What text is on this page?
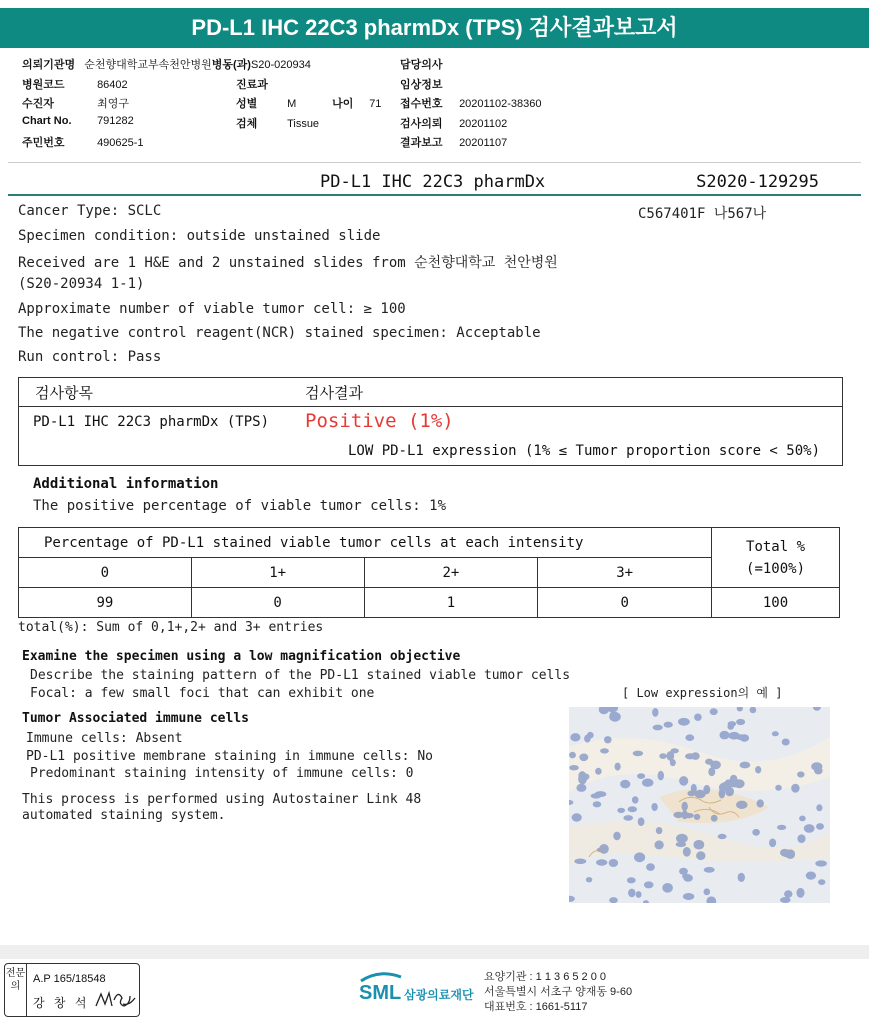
PD-L1 IHC 22C3 pharmDx (TPS) 검사결과보고서
의뢰기관명 순천향대학교부속천안병원병동(과)S20-020934
병원코드	86402
수진자	최영구
Chart No. 791282
주민번호	490625-1
진료과
성별	M	나이 71
검체	Tissue
담당의사
임상정보
접수번호 20201102-38360
검사의뢰 20201102
결과보고 20201107
PD-L1 IHC 22C3 pharmDx	S2020-129295
Cancer Type: SCLC	C567401F 나567나
Specimen condition: outside unstained slide
Received are 1 H&E and 2 unstained slides from 순천향대학교 천안병원
(S20-20934 1-1)
Approximate number of viable tumor cell: ≥ 100
The negative control reagent(NCR) stained specimen: Acceptable
Run control: Pass
검사항목	검사결과
PD-L1 IHC 22C3 pharmDx (TPS) Positive (1%)
LOW PD-L1 expression (1% ≤ Tumor proportion score < 50%)
Additional information
The positive percentage of viable tumor cells: 1%
Percentage of PD-L1 stained viable tumor cells at each intensity				Total %
(=100%)

0	1+	2+	3+	
99	0	1	0	100
total(%): Sum of 0,1+,2+ and 3+ entries
Examine the specimen using a low magnification objective
Describe the staining pattern of the PD-L1 stained viable tumor cells
Focal: a few small foci that can exhibit one	[ Low expression의 예 ]
Tumor Associated immune cells
Immune cells: Absent
PD-L1 positive membrane staining in immune cells: No
Predominant staining intensity of immune cells: 0
This process is performed using Autostainer Link 48
automated staining system.
전문의
A.P 165/18548
강 창 석	SML 삼광의료재단
요양기관 : 1 1 3 6 5 2 0 0
서울특별시 서초구 양재동 9-60
대표번호 : 1661-5117
